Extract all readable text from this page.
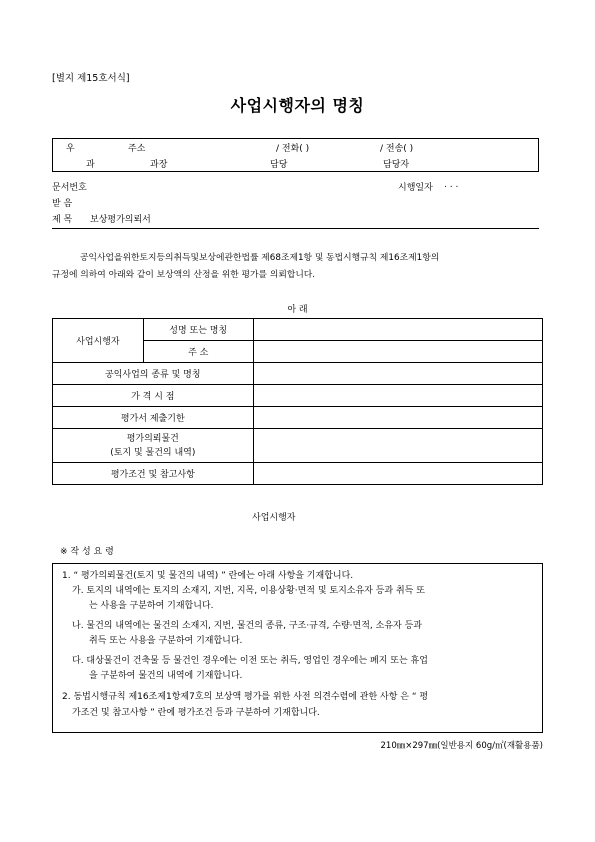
[별지 제15호서식]
사업시행자의 명칭
우	주소	/ 전화( )	/ 전송( )
과	과장	담당	담당자
문서번호	시행일자 . . .
받 음
제 목 보상평가의뢰서
공익사업을위한토지등의취득및보상에관한법률 제68조제1항 및 동법시행규칙 제16조제1항의
규정에 의하여 아래와 같이 보상액의 산정을 위한 평가를 의뢰합니다.
아 래
사업시행자	성명 또는 명칭	
	주 소	
공익사업의 종류 및 명칭		
가 격 시 점		
평가서 제출기한		

평가의뢰물건
(토지 및 물건의 내역)		

평가조건 및 참고사항		
사업시행자
※ 작 성 요 령
1. “ 평가의뢰물건(토지 및 물건의 내역) ” 란에는 아래 사항을 기재합니다.
가. 토지의 내역에는 토지의 소재지, 지번, 지목, 이용상황·면적 및 토지소유자 등과 취득 또
는 사용을 구분하여 기재합니다.
나. 물건의 내역에는 물건의 소재지, 지번, 물건의 종류, 구조·규격, 수량·면적, 소유자 등과
취득 또는 사용을 구분하여 기재합니다.
다. 대상물건이 건축물 등 물건인 경우에는 이전 또는 취득, 영업인 경우에는 폐지 또는 휴업
을 구분하여 물건의 내역에 기재합니다.
2. 동법시행규칙 제16조제1항제7호의 보상액 평가를 위한 사전 의견수렴에 관한 사항 은 “ 평
가조건 및 참고사항 ” 란에 평가조건 등과 구분하여 기재합니다.
210㎜×297㎜(일반용지 60g/㎡(재활용품)
